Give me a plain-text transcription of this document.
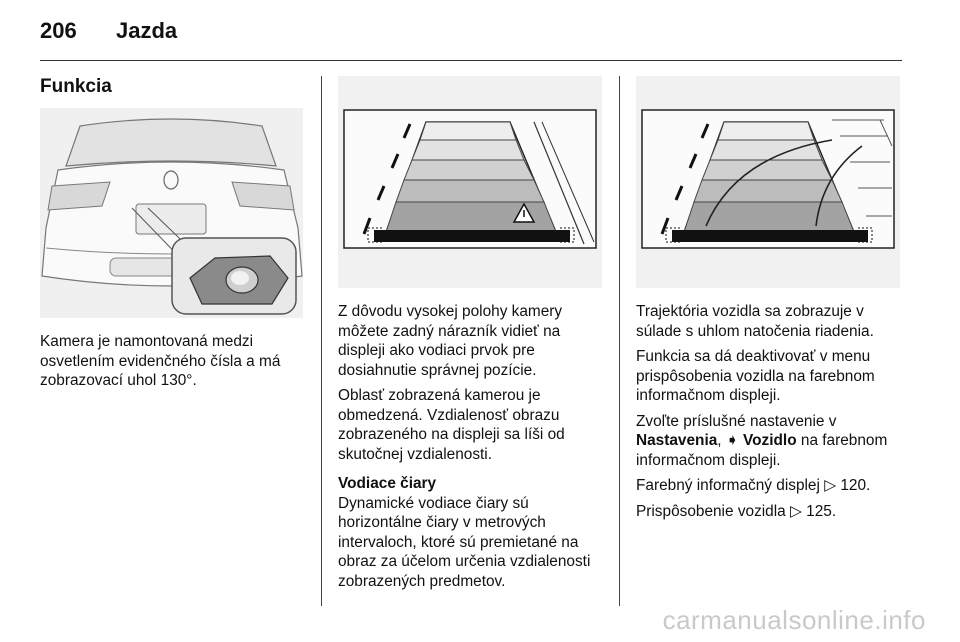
206 Jazda
Funkcia

Kamera je namontovaná medzi osvetlením evidenčného čísla a má zobrazovací uhol 130°.

Z dôvodu vysokej polohy kamery môžete zadný nárazník vidieť na displeji ako vodiaci prvok pre dosiahnutie správnej pozície.

Oblasť zobrazená kamerou je obmedzená. Vzdialenosť obrazu zobrazeného na displeji sa líši od skutočnej vzdialenosti.

Vodiace čiary

Dynamické vodiace čiary sú horizontálne čiary v metrových intervaloch, ktoré sú premietané na obraz za účelom určenia vzdialenosti zobrazených predmetov.

Trajektória vozidla sa zobrazuje v súlade s uhlom natočenia riadenia.

Funkcia sa dá deaktivovať v menu prispôsobenia vozidla na farebnom informačnom displeji.

Zvoľte príslušné nastavenie v
Nastavenia, ➧ Vozidlo na farebnom informačnom displeji.

Farebný informačný displej ▷ 120.

Prispôsobenie vozidla ▷ 125.

carmanualsonline.info
